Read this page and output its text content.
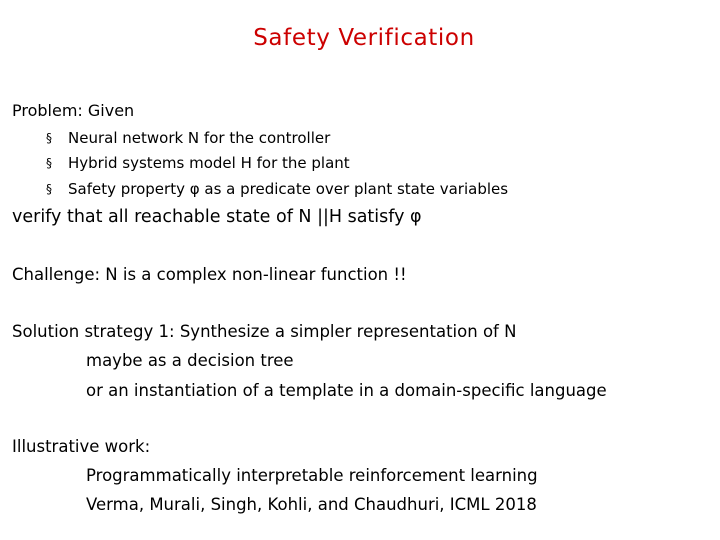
Safety Verification
Problem: Given
§ Neural network N for the controller
§ Hybrid systems model H for the plant
§ Safety property φ as a predicate over plant state variables
verify that all reachable state of N ||H satisfy φ
Challenge: N is a complex non-linear function !!
Solution strategy 1: Synthesize a simpler representation of N
maybe as a decision tree
or an instantiation of a template in a domain-specific language
Illustrative work:
Programmatically interpretable reinforcement learning
Verma, Murali, Singh, Kohli, and Chaudhuri, ICML 2018
